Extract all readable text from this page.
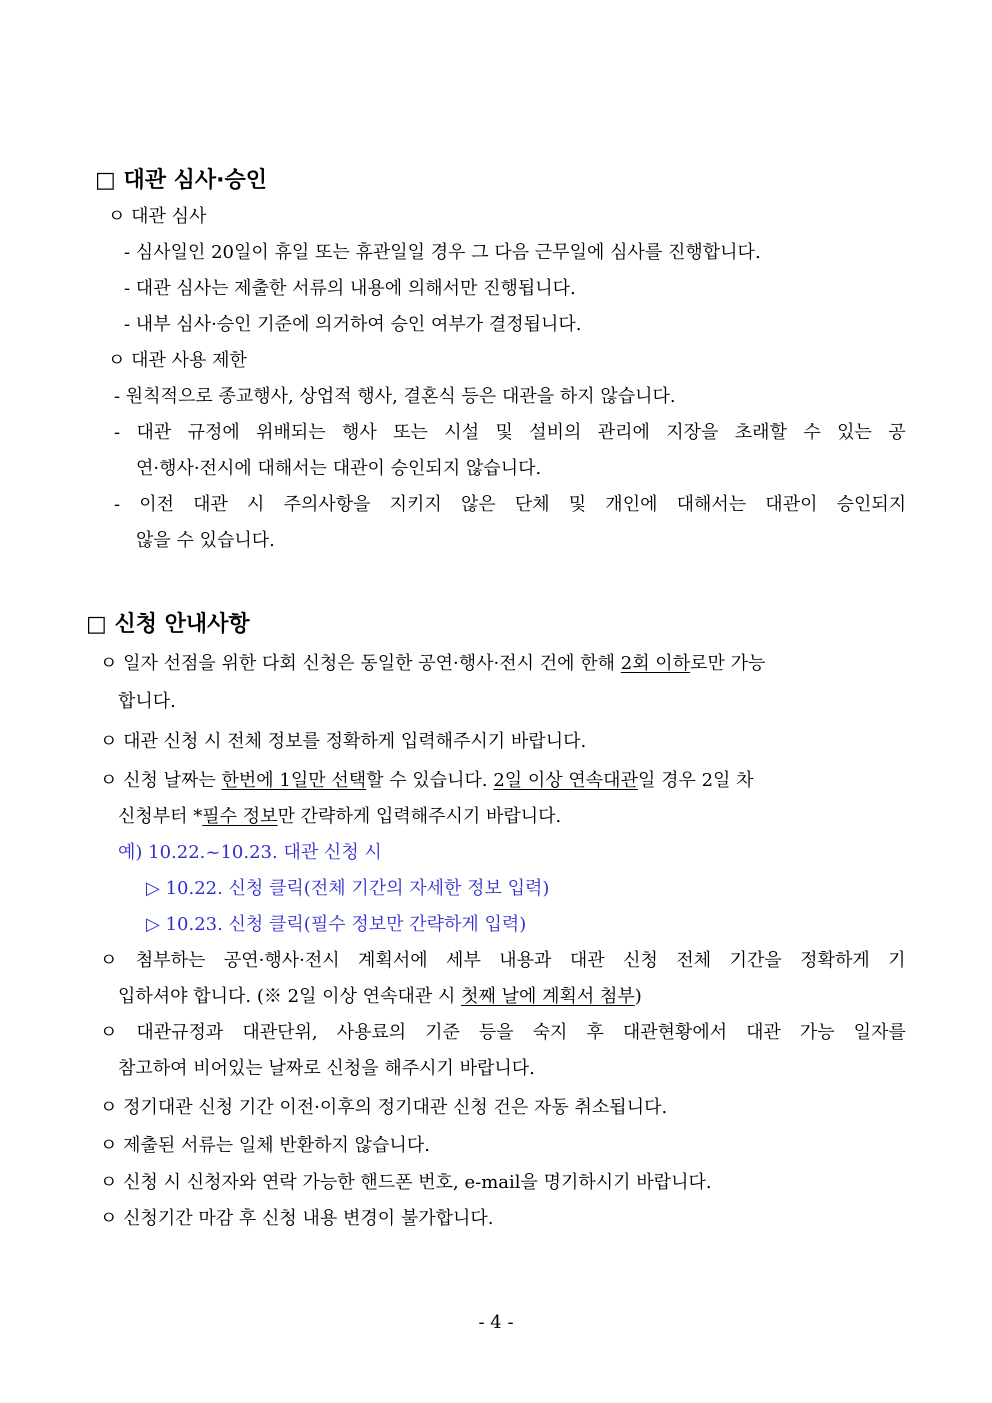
□ 대관 심사·승인
ㅇ 대관 심사
- 심사일인 20일이 휴일 또는 휴관일일 경우 그 다음 근무일에 심사를 진행합니다.
- 대관 심사는 제출한 서류의 내용에 의해서만 진행됩니다.
- 내부 심사·승인 기준에 의거하여 승인 여부가 결정됩니다.
ㅇ 대관 사용 제한
- 원칙적으로 종교행사, 상업적 행사, 결혼식 등은 대관을 하지 않습니다.
- 대관 규정에 위배되는 행사 또는 시설 및 설비의 관리에 지장을 초래할 수 있는 공
연·행사·전시에 대해서는 대관이 승인되지 않습니다.
- 이전 대관 시 주의사항을 지키지 않은 단체 및 개인에 대해서는 대관이 승인되지
않을 수 있습니다.
□ 신청 안내사항
ㅇ 일자 선점을 위한 다회 신청은 동일한 공연·행사·전시 건에 한해 2회 이하로만 가능
합니다.
ㅇ 대관 신청 시 전체 정보를 정확하게 입력해주시기 바랍니다.
ㅇ 신청 날짜는 한번에 1일만 선택할 수 있습니다. 2일 이상 연속대관일 경우 2일 차
신청부터 *필수 정보만 간략하게 입력해주시기 바랍니다.
예) 10.22.~10.23. 대관 신청 시
▷ 10.22. 신청 클릭(전체 기간의 자세한 정보 입력)
▷ 10.23. 신청 클릭(필수 정보만 간략하게 입력)
ㅇ 첨부하는 공연·행사·전시 계획서에 세부 내용과 대관 신청 전체 기간을 정확하게 기
입하셔야 합니다. (※ 2일 이상 연속대관 시 첫째 날에 계획서 첨부)
ㅇ 대관규정과 대관단위, 사용료의 기준 등을 숙지 후 대관현황에서 대관 가능 일자를
참고하여 비어있는 날짜로 신청을 해주시기 바랍니다.
ㅇ 정기대관 신청 기간 이전·이후의 정기대관 신청 건은 자동 취소됩니다.
ㅇ 제출된 서류는 일체 반환하지 않습니다.
ㅇ 신청 시 신청자와 연락 가능한 핸드폰 번호, e-mail을 명기하시기 바랍니다.
ㅇ 신청기간 마감 후 신청 내용 변경이 불가합니다.
- 4 -
